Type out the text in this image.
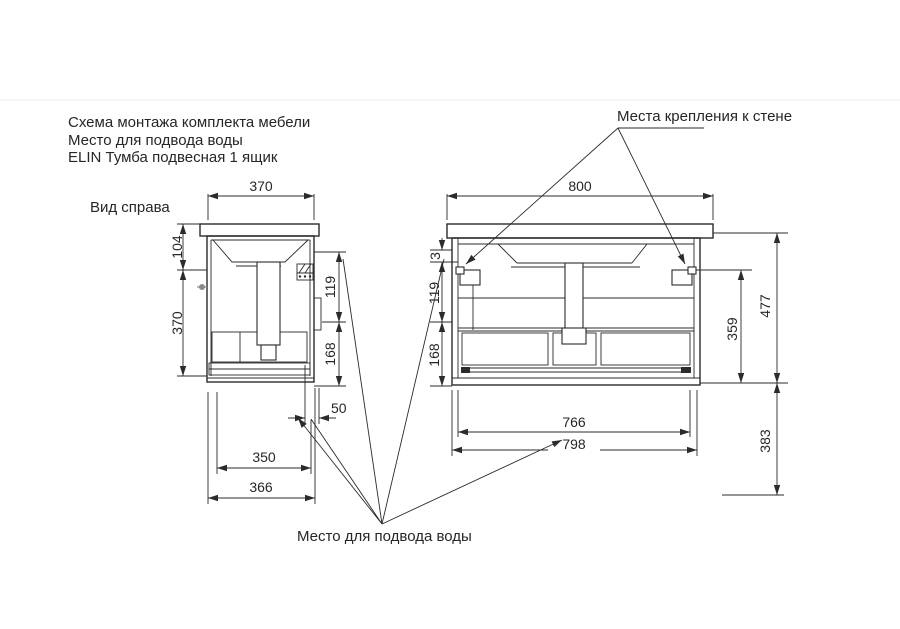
Схема монтажа комплекта мебели
Место для подвода воды
ELIN Тумба подвесная 1 ящик
Вид справа
Места крепления к стене
Место для подвода воды
370
104
370
119
168
50
350
366
800
3
119
168
359
477
383
766
798
